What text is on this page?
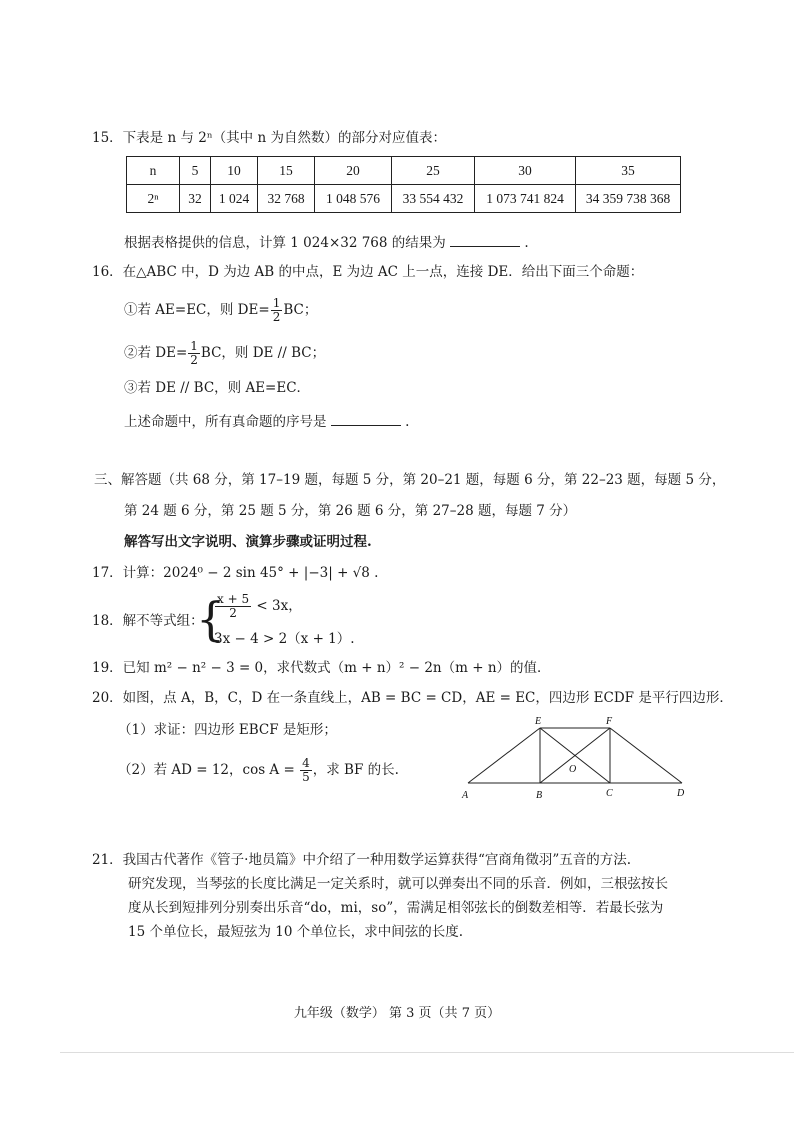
15．下表是 n 与 2ⁿ（其中 n 为自然数）的部分对应值表：
n	5	10	15	20	25	30	35
2ⁿ	32	1 024	32 768	1 048 576	33 554 432	1 073 741 824	34 359 738 368
根据表格提供的信息，计算 1 024×32 768 的结果为	.
16．在△ABC 中，D 为边 AB 的中点，E 为边 AC 上一点，连接 DE．给出下面三个命题：
①若 AE=EC，则 $DE= \frac{1}{2}$ BC；
②若 $DE= \frac{1}{2}$ BC，则 DE // BC；
③若 DE // BC，则 AE=EC．
上述命题中，所有真命题的序号是	.
三、解答题（共 68 分，第 17–19 题，每题 5 分，第 20–21 题，每题 6 分，第 22–23 题，每题 5 分，
第 24 题 6 分，第 25 题 5 分，第 26 题 6 分，第 27–28 题，每题 7 分）
解答写出文字说明、演算步骤或证明过程.
17．计算：2024⁰ − 2 sin 45° + |−3| + √8 .
18．解不等式组：
{
$\frac{x + 5}{2} < 3x$，
3x − 4 > 2（x + 1）.
19．已知 m² − n² − 3 = 0，求代数式（m + n）² − 2n（m + n）的值．
20．如图，点 A，B，C，D 在一条直线上，AB = BC = CD，AE = EC，四边形 ECDF 是平行四边形．
（1）求证：四边形 EBCF 是矩形；
（2）若 AD = 12，$\cos A = \frac{4}{5}$ ，求 BF 的长.
A	B	C	D
E	F
O
21．我国古代著作《管子·地员篇》中介绍了一种用数学运算获得“宫商角徵羽”五音的方法.
研究发现，当琴弦的长度比满足一定关系时，就可以弹奏出不同的乐音．例如，三根弦按长
度从长到短排列分别奏出乐音“do，mi，so”，需满足相邻弦长的倒数差相等．若最长弦为
15 个单位长，最短弦为 10 个单位长，求中间弦的长度.
九年级（数学） 第 3 页（共 7 页）
